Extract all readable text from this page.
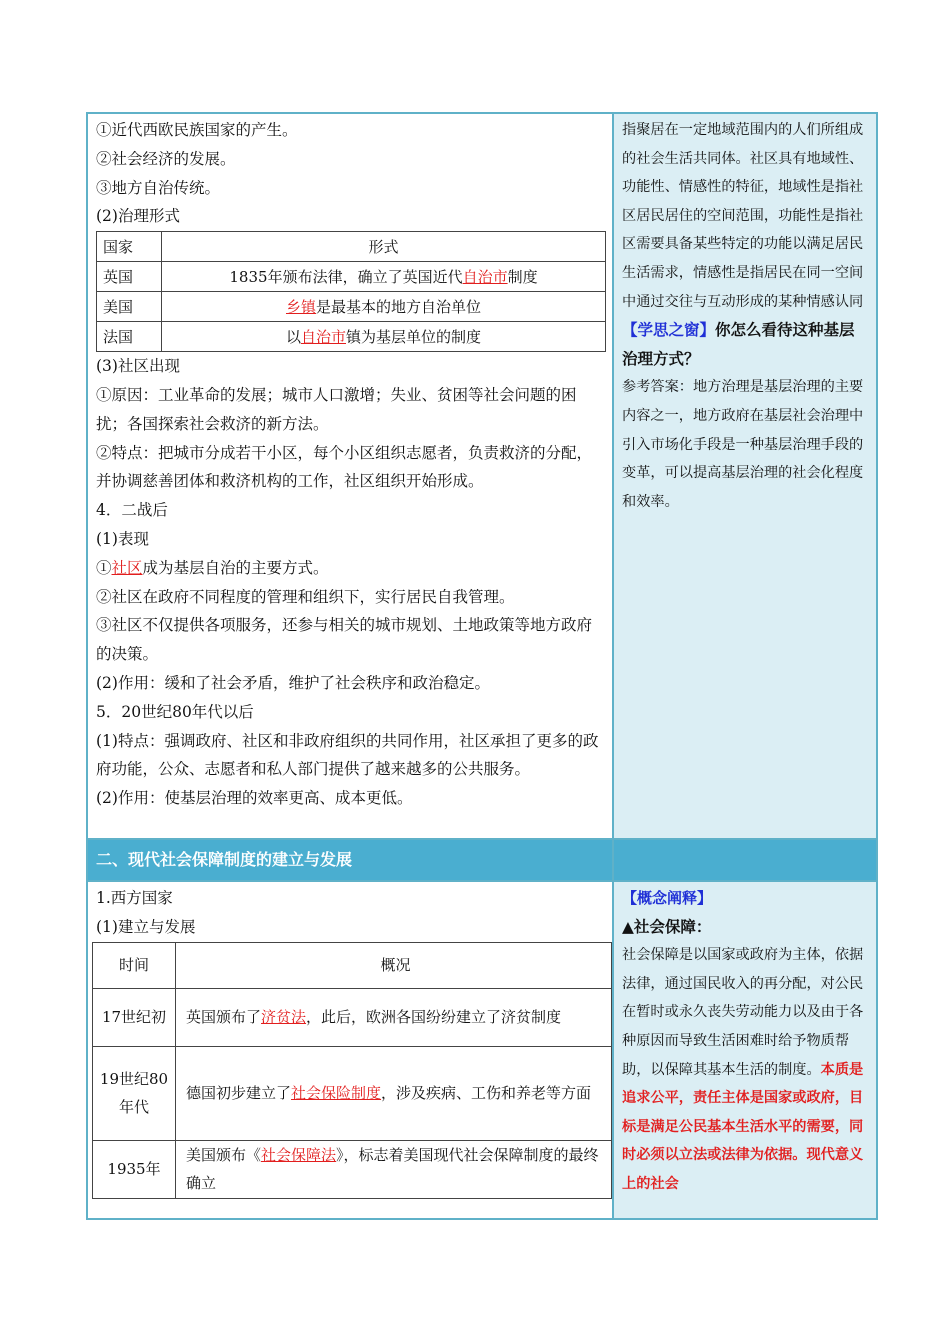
①近代西欧民族国家的产生。

②社会经济的发展。

③地方自治传统。

(2)治理形式

国家	形式
英国	1835年颁布法律，确立了英国近代自治市制度
美国	乡镇是最基本的地方自治单位
法国	以自治市镇为基层单位的制度

(3)社区出现

①原因：工业革命的发展；城市人口激增；失业、贫困等社会问题的困扰；各国探索社会救济的新方法。

②特点：把城市分成若干小区，每个小区组织志愿者，负责救济的分配，并协调慈善团体和救济机构的工作，社区组织开始形成。

4．二战后

(1)表现

①社区成为基层自治的主要方式。

②社区在政府不同程度的管理和组织下，实行居民自我管理。

③社区不仅提供各项服务，还参与相关的城市规划、土地政策等地方政府的决策。

(2)作用：缓和了社会矛盾，维护了社会秩序和政治稳定。

5．20世纪80年代以后

(1)特点：强调政府、社区和非政府组织的共同作用，社区承担了更多的政府功能，公众、志愿者和私人部门提供了越来越多的公共服务。

(2)作用：使基层治理的效率更高、成本更低。

指聚居在一定地域范围内的人们所组成的社会生活共同体。社区具有地域性、功能性、情感性的特征，地域性是指社区居民居住的空间范围，功能性是指社区需要具备某些特定的功能以满足居民生活需求，情感性是指居民在同一空间中通过交往与互动形成的某种情感认同

【学思之窗】你怎么看待这种基层治理方式？

参考答案：地方治理是基层治理的主要内容之一，地方政府在基层社会治理中引入市场化手段是一种基层治理手段的变革，可以提高基层治理的社会化程度和效率。

二、现代社会保障制度的建立与发展

1.西方国家

(1)建立与发展

时间	概况
17世纪初	英国颁布了济贫法，此后，欧洲各国纷纷建立了济贫制度
19世纪80年代	德国初步建立了社会保险制度，涉及疾病、工伤和养老等方面
1935年	美国颁布《社会保障法》，标志着美国现代社会保障制度的最终确立

【概念阐释】

▲社会保障：

社会保障是以国家或政府为主体，依据法律，通过国民收入的再分配，对公民在暂时或永久丧失劳动能力以及由于各种原因而导致生活困难时给予物质帮助，以保障其基本生活的制度。本质是追求公平，责任主体是国家或政府，目标是满足公民基本生活水平的需要，同时必须以立法或法律为依据。现代意义上的社会
